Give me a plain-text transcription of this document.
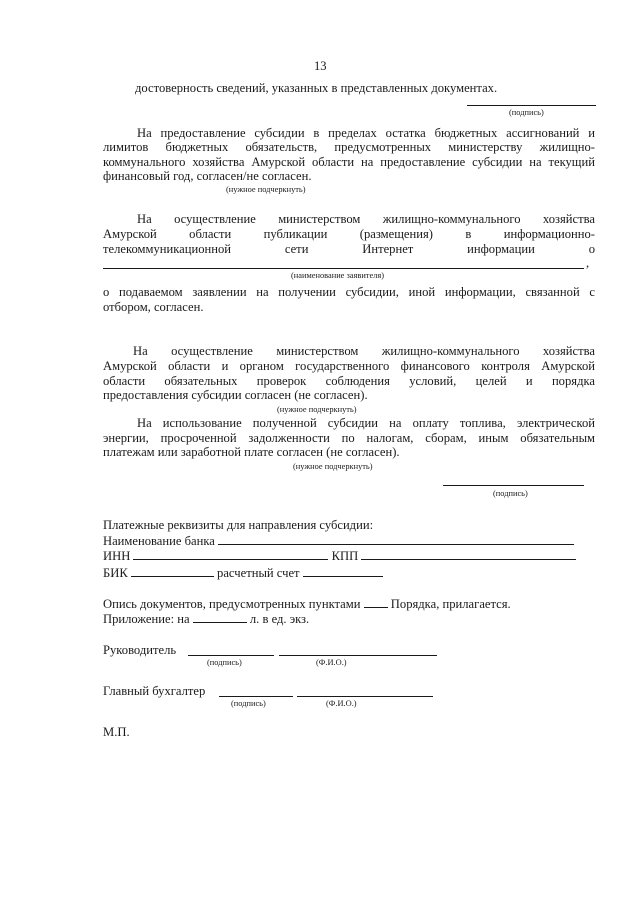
13
достоверность сведений, указанных в представленных документах.
(подпись)
На предоставление субсидии в пределах остатка бюджетных ассигнований и
лимитов бюджетных обязательств, предусмотренных министерству жилищно-
коммунального хозяйства Амурской области на предоставление субсидии на текущий
финансовый год, согласен/не согласен.
(нужное подчеркнуть)
На осуществление министерством жилищно-коммунального хозяйства
Амурской области публикации (размещения) в информационно-
телекоммуникационной сети Интернет информации о
,
(наименование заявителя)
о подаваемом заявлении на получении субсидии, иной информации, связанной с
отбором, согласен.
На осуществление министерством жилищно-коммунального хозяйства
Амурской области и органом государственного финансового контроля Амурской
области обязательных проверок соблюдения условий, целей и порядка
предоставления субсидии согласен (не согласен).
(нужное подчеркнуть)
На использование полученной субсидии на оплату топлива, электрической
энергии, просроченной задолженности по налогам, сборам, иным обязательным
платежам или заработной плате согласен (не согласен).
(нужное подчеркнуть)
(подпись)
Платежные реквизиты для направления субсидии:
Наименование банка
ИНН	КПП
БИК	расчетный счет
Опись документов, предусмотренных пунктами Порядка, прилагается.
Приложение: на	л. в ед. экз.
Руководитель
(подпись)	(Ф.И.О.)
Главный бухгалтер
(подпись)	(Ф.И.О.)
М.П.
